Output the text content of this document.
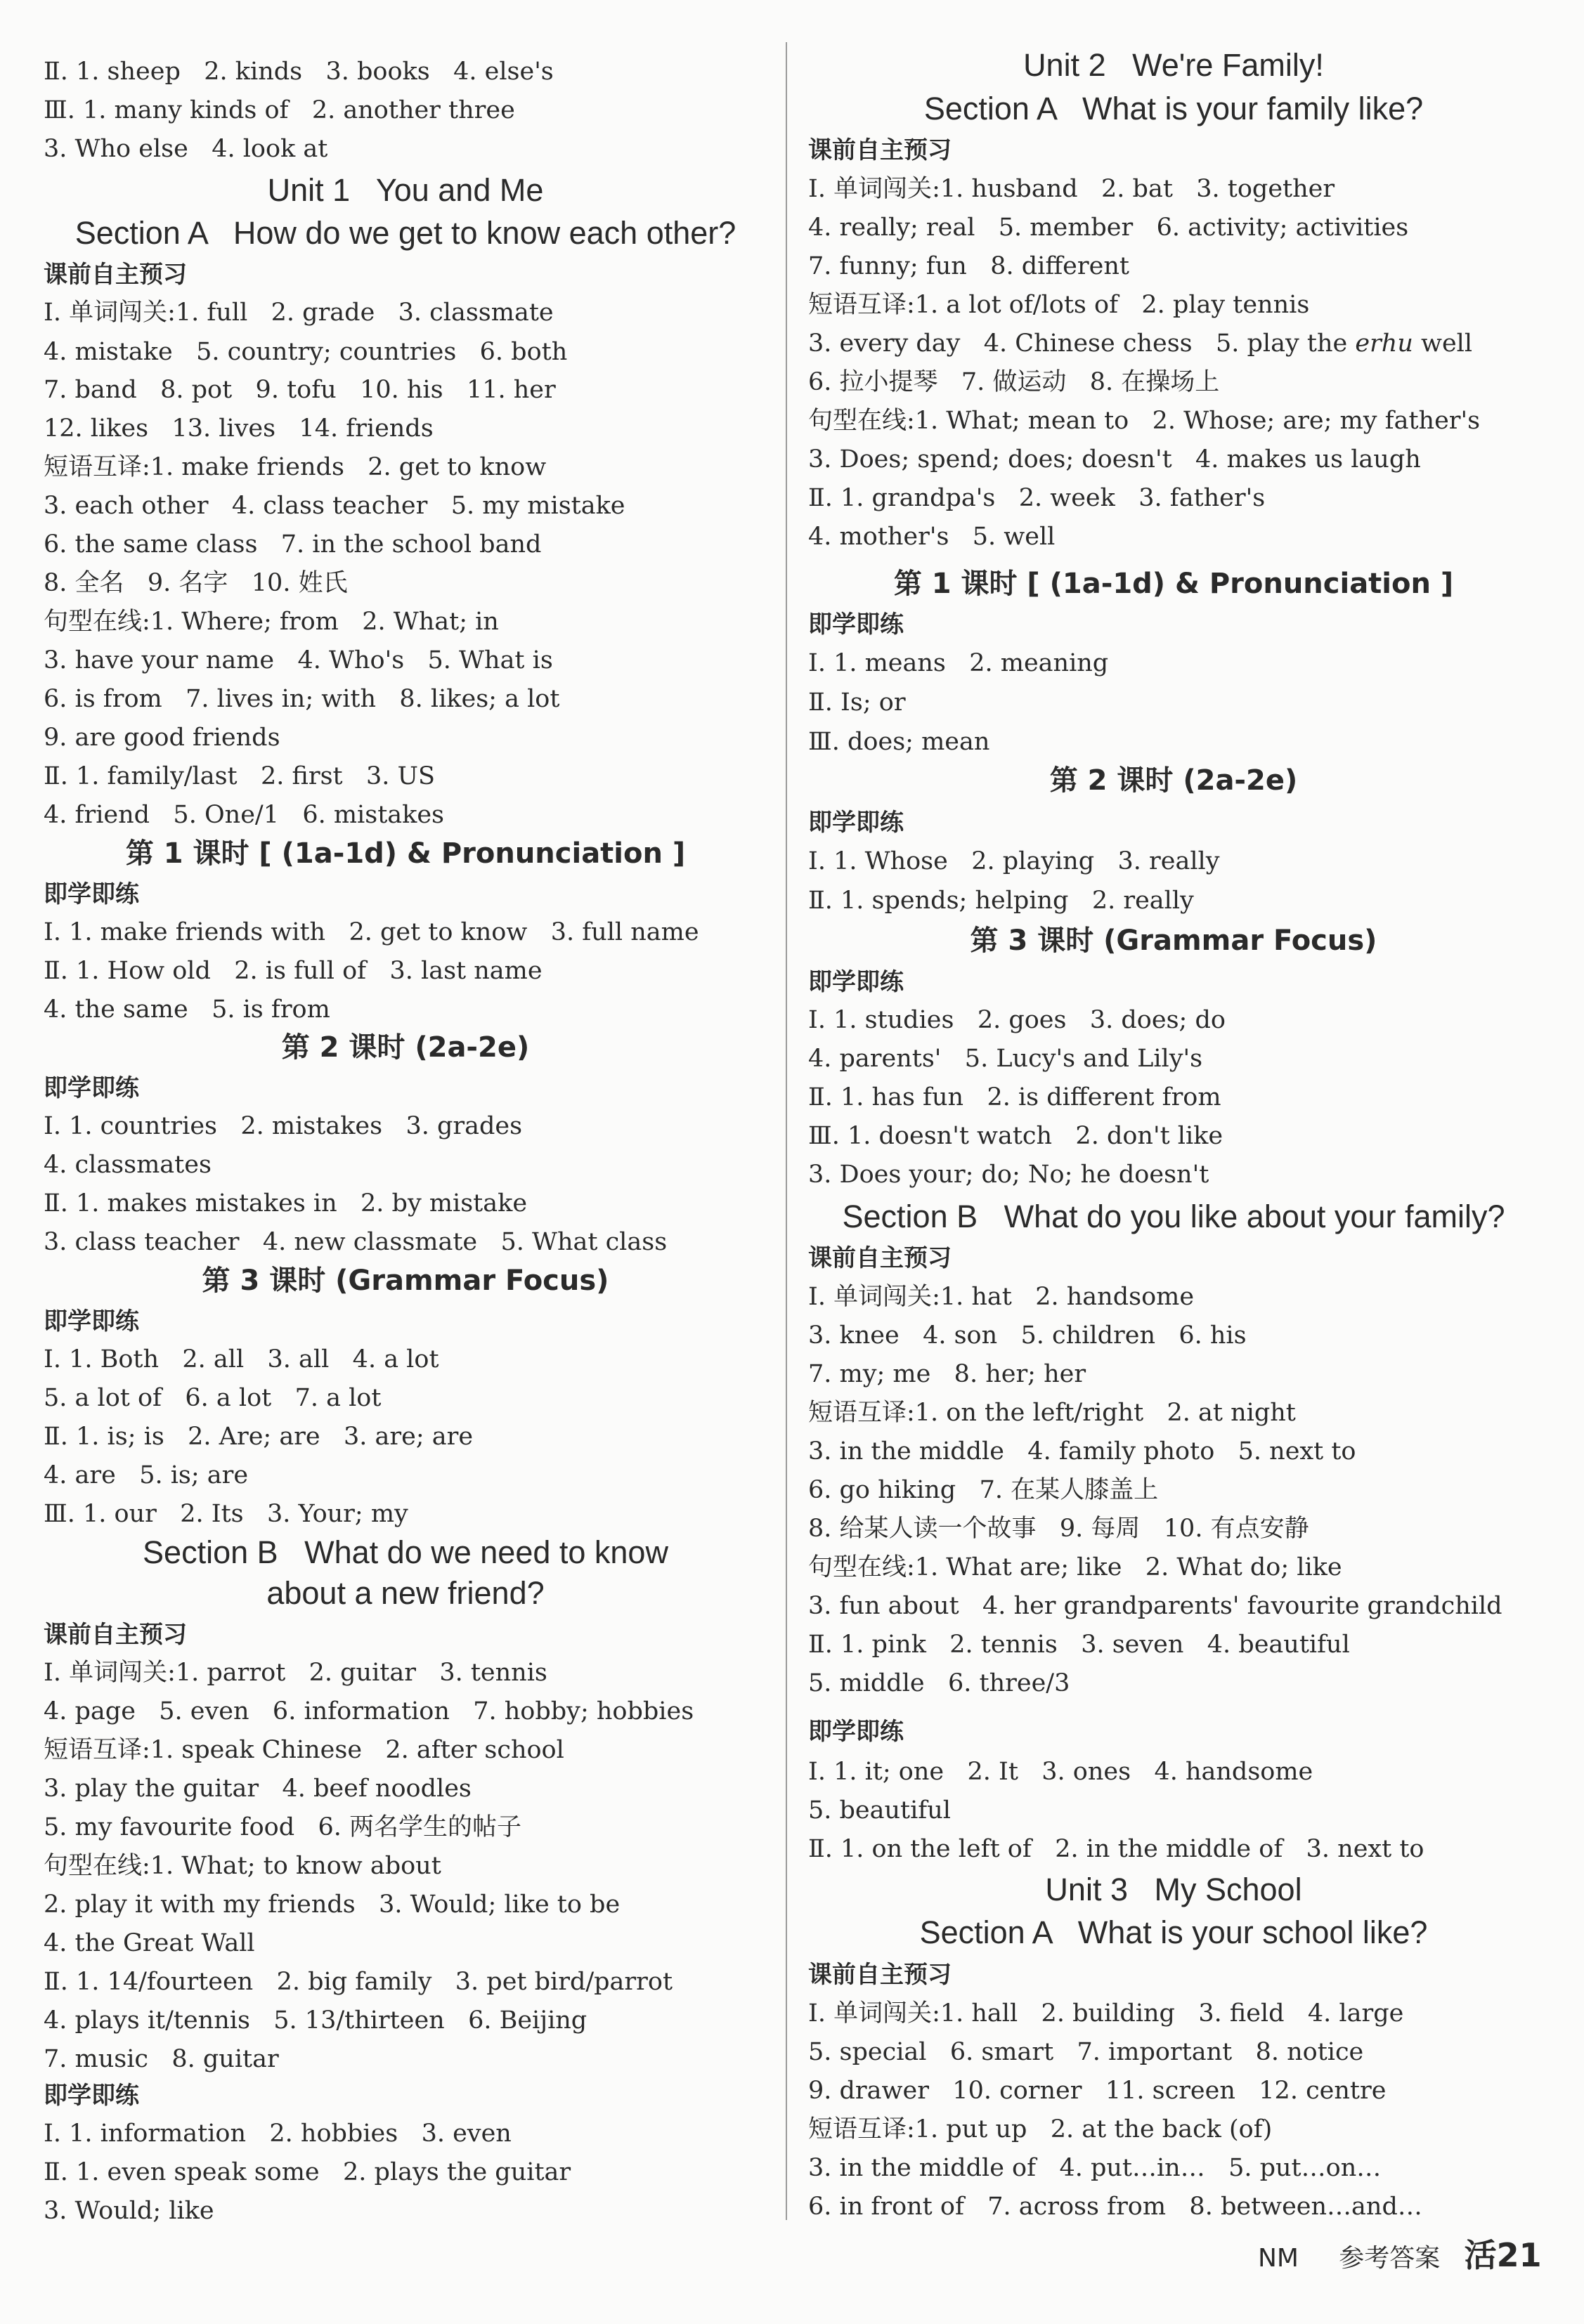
Ⅱ. 1. sheep   2. kinds   3. books   4. else's
Ⅲ. 1. many kinds of   2. another three
3. Who else   4. look at
Unit 1   You and Me
Section A   How do we get to know each other?
课前自主预习
Ⅰ. 单词闯关:1. full   2. grade   3. classmate
4. mistake   5. country; countries   6. both
7. band   8. pot   9. tofu   10. his   11. her
12. likes   13. lives   14. friends
短语互译:1. make friends   2. get to know
3. each other   4. class teacher   5. my mistake
6. the same class   7. in the school band
8. 全名   9. 名字   10. 姓氏
句型在线:1. Where; from   2. What; in
3. have your name   4. Who's   5. What is
6. is from   7. lives in; with   8. likes; a lot
9. are good friends
Ⅱ. 1. family/last   2. first   3. US
4. friend   5. One/1   6. mistakes
第 1 课时 [ (1a-1d) & Pronunciation ]
即学即练
Ⅰ. 1. make friends with   2. get to know   3. full name
Ⅱ. 1. How old   2. is full of   3. last name
4. the same   5. is from
第 2 课时 (2a-2e)
即学即练
Ⅰ. 1. countries   2. mistakes   3. grades
4. classmates
Ⅱ. 1. makes mistakes in   2. by mistake
3. class teacher   4. new classmate   5. What class
第 3 课时 (Grammar Focus)
即学即练
Ⅰ. 1. Both   2. all   3. all   4. a lot
5. a lot of   6. a lot   7. a lot
Ⅱ. 1. is; is   2. Are; are   3. are; are
4. are   5. is; are
Ⅲ. 1. our   2. Its   3. Your; my
Section B   What do we need to know
about a new friend?
课前自主预习
Ⅰ. 单词闯关:1. parrot   2. guitar   3. tennis
4. page   5. even   6. information   7. hobby; hobbies
短语互译:1. speak Chinese   2. after school
3. play the guitar   4. beef noodles
5. my favourite food   6. 两名学生的帖子
句型在线:1. What; to know about
2. play it with my friends   3. Would; like to be
4. the Great Wall
Ⅱ. 1. 14/fourteen   2. big family   3. pet bird/parrot
4. plays it/tennis   5. 13/thirteen   6. Beijing
7. music   8. guitar
即学即练
Ⅰ. 1. information   2. hobbies   3. even
Ⅱ. 1. even speak some   2. plays the guitar
3. Would; like
Unit 2   We're Family!
Section A   What is your family like?
课前自主预习
Ⅰ. 单词闯关:1. husband   2. bat   3. together
4. really; real   5. member   6. activity; activities
7. funny; fun   8. different
短语互译:1. a lot of/lots of   2. play tennis
3. every day   4. Chinese chess   5. play the erhu well
6. 拉小提琴   7. 做运动   8. 在操场上
句型在线:1. What; mean to   2. Whose; are; my father's
3. Does; spend; does; doesn't   4. makes us laugh
Ⅱ. 1. grandpa's   2. week   3. father's
4. mother's   5. well
第 1 课时 [ (1a-1d) & Pronunciation ]
即学即练
Ⅰ. 1. means   2. meaning
Ⅱ. Is; or
Ⅲ. does; mean
第 2 课时 (2a-2e)
即学即练
Ⅰ. 1. Whose   2. playing   3. really
Ⅱ. 1. spends; helping   2. really
第 3 课时 (Grammar Focus)
即学即练
Ⅰ. 1. studies   2. goes   3. does; do
4. parents'   5. Lucy's and Lily's
Ⅱ. 1. has fun   2. is different from
Ⅲ. 1. doesn't watch   2. don't like
3. Does your; do; No; he doesn't
Section B   What do you like about your family?
课前自主预习
Ⅰ. 单词闯关:1. hat   2. handsome
3. knee   4. son   5. children   6. his
7. my; me   8. her; her
短语互译:1. on the left/right   2. at night
3. in the middle   4. family photo   5. next to
6. go hiking   7. 在某人膝盖上
8. 给某人读一个故事   9. 每周   10. 有点安静
句型在线:1. What are; like   2. What do; like
3. fun about   4. her grandparents' favourite grandchild
Ⅱ. 1. pink   2. tennis   3. seven   4. beautiful
5. middle   6. three/3
即学即练
Ⅰ. 1. it; one   2. It   3. ones   4. handsome
5. beautiful
Ⅱ. 1. on the left of   2. in the middle of   3. next to
Unit 3   My School
Section A   What is your school like?
课前自主预习
Ⅰ. 单词闯关:1. hall   2. building   3. field   4. large
5. special   6. smart   7. important   8. notice
9. drawer   10. corner   11. screen   12. centre
短语互译:1. put up   2. at the back (of)
3. in the middle of   4. put…in…   5. put…on…
6. in front of   7. across from   8. between…and…
NM 参考答案 活21
